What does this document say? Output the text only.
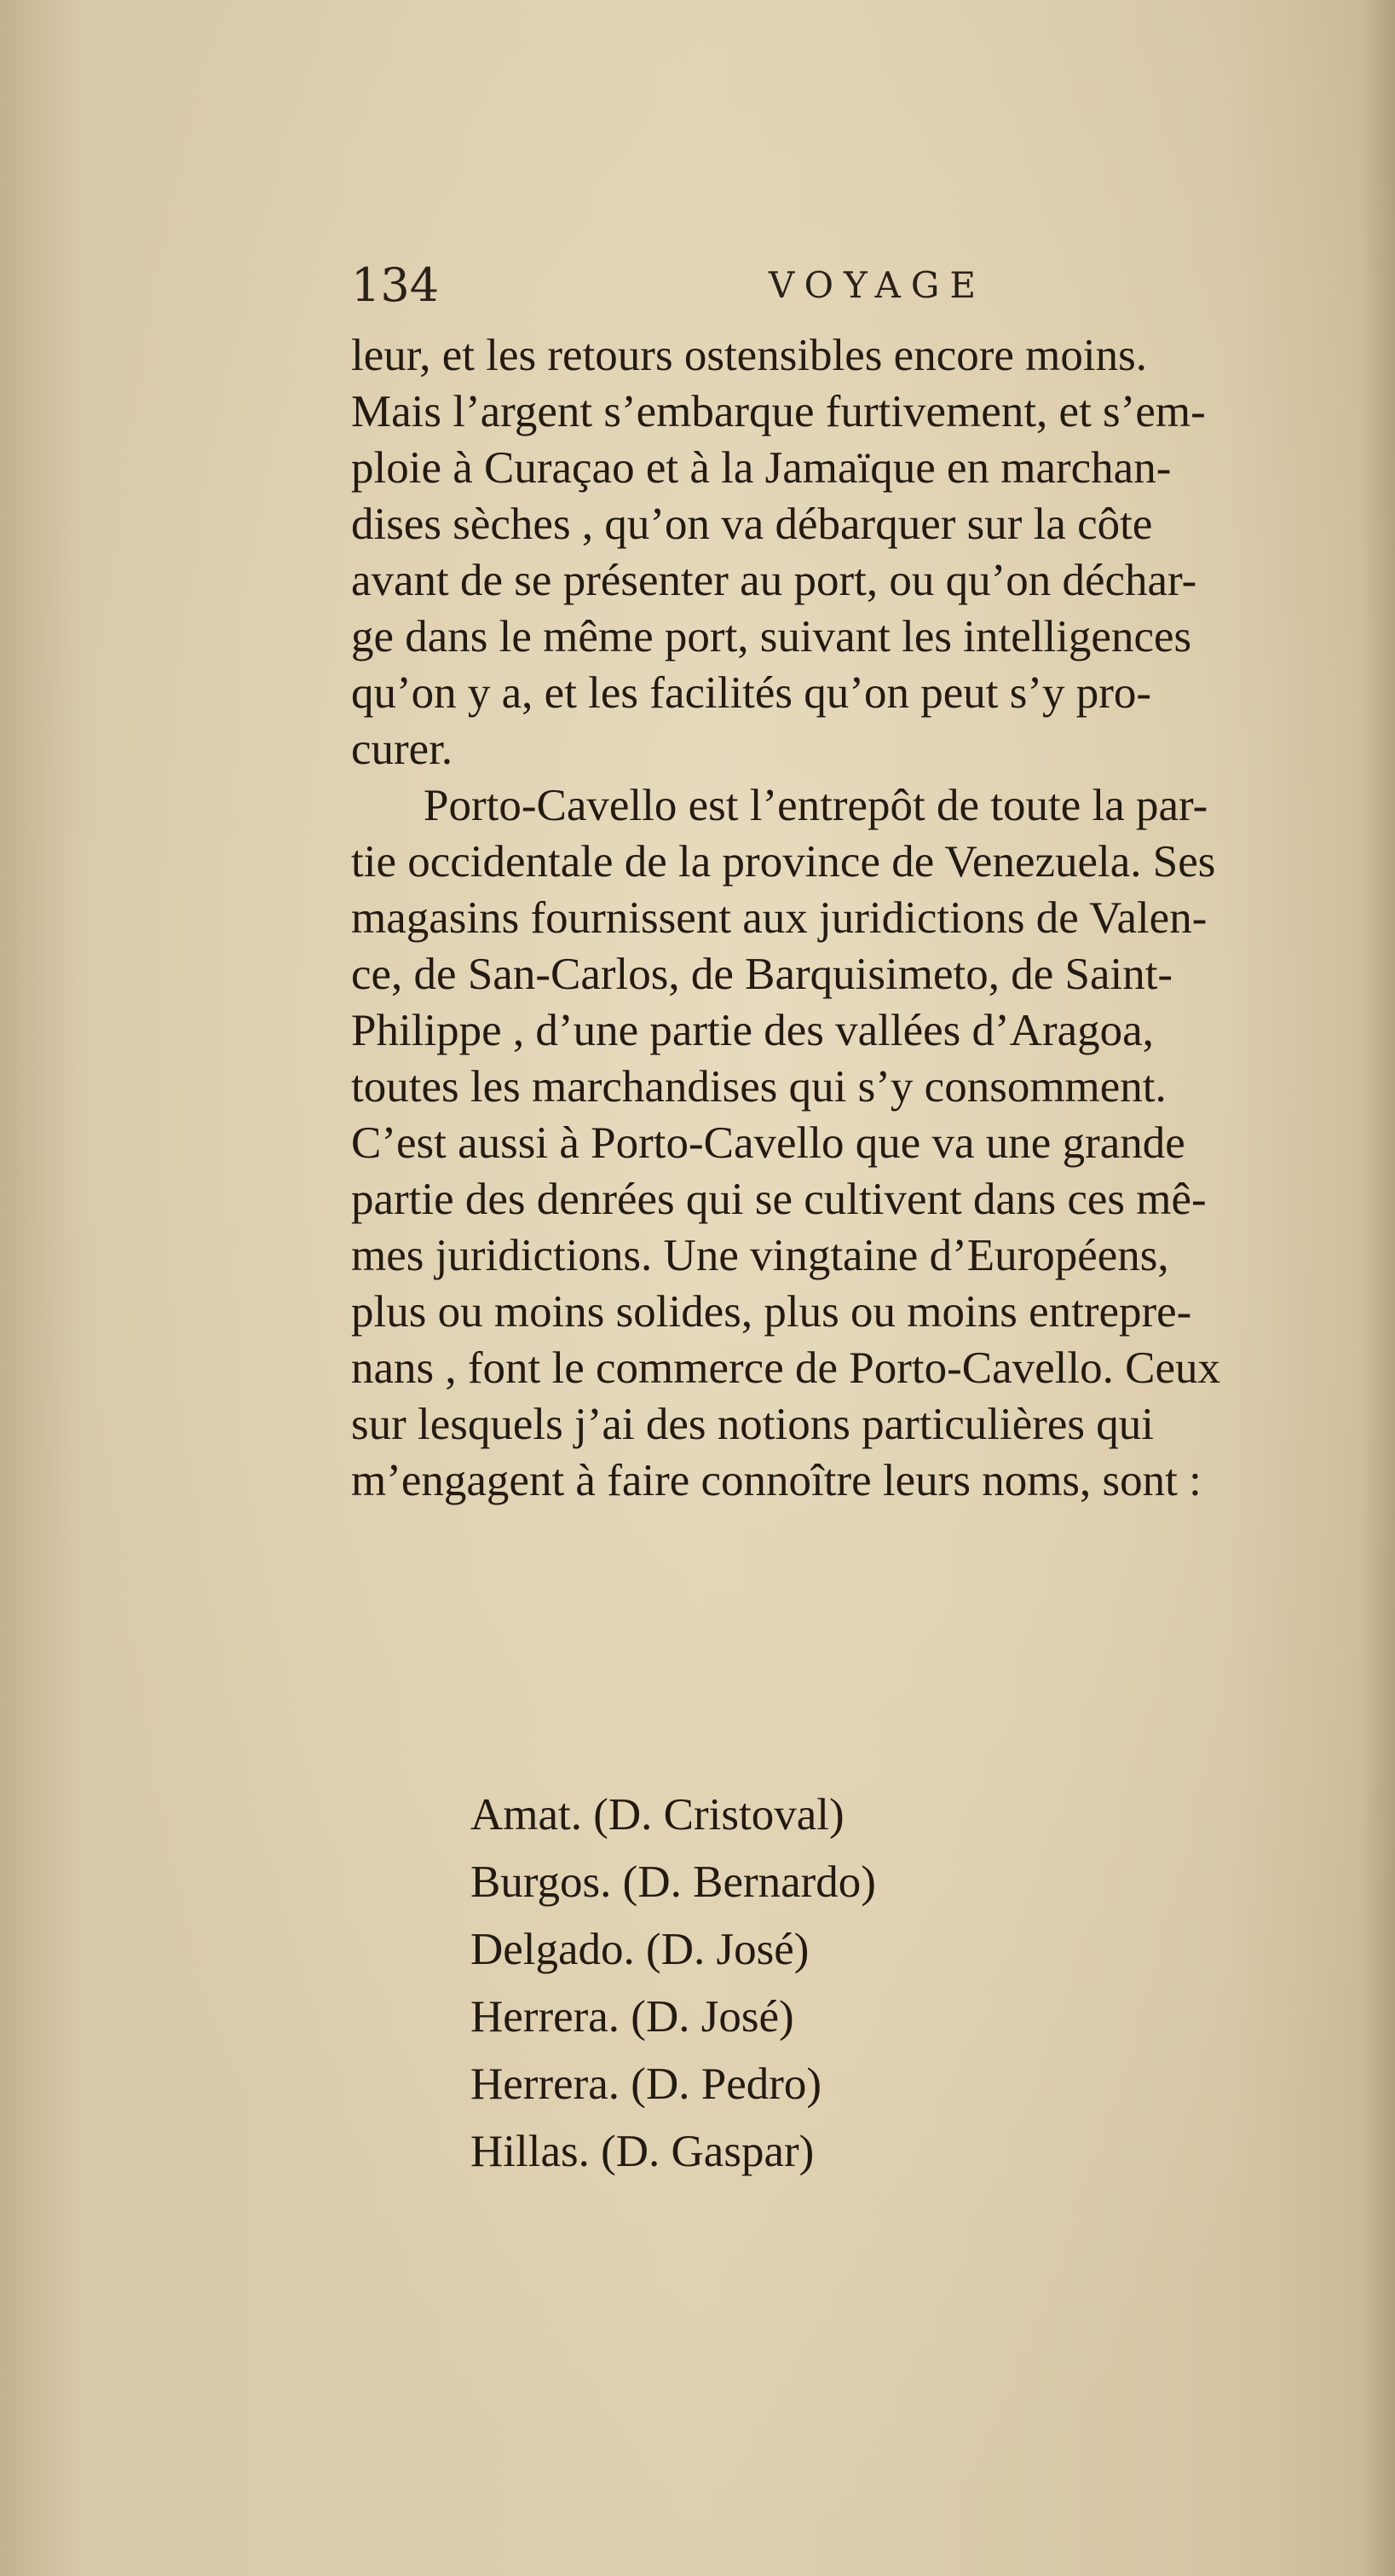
134	VOYAGE
leur, et les retours ostensibles encore moins.
Mais l’argent s’embarque furtivement, et s’em-
ploie à Curaçao et à la Jamaïque en marchan-
dises sèches , qu’on va débarquer sur la côte
avant de se présenter au port, ou qu’on déchar-
ge dans le même port, suivant les intelligences
qu’on y a, et les facilités qu’on peut s’y pro-
curer.
Porto-Cavello est l’entrepôt de toute la par-
tie occidentale de la province de Venezuela. Ses
magasins fournissent aux juridictions de Valen-
ce, de San-Carlos, de Barquisimeto, de Saint-
Philippe , d’une partie des vallées d’Aragoa,
toutes les marchandises qui s’y consomment.
C’est aussi à Porto-Cavello que va une grande
partie des denrées qui se cultivent dans ces mê-
mes juridictions. Une vingtaine d’Européens,
plus ou moins solides, plus ou moins entrepre-
nans , font le commerce de Porto-Cavello. Ceux
sur lesquels j’ai des notions particulières qui
m’engagent à faire connoître leurs noms, sont :
Amat. (D. Cristoval)
Burgos. (D. Bernardo)
Delgado. (D. José)
Herrera. (D. José)
Herrera. (D. Pedro)
Hillas. (D. Gaspar)
